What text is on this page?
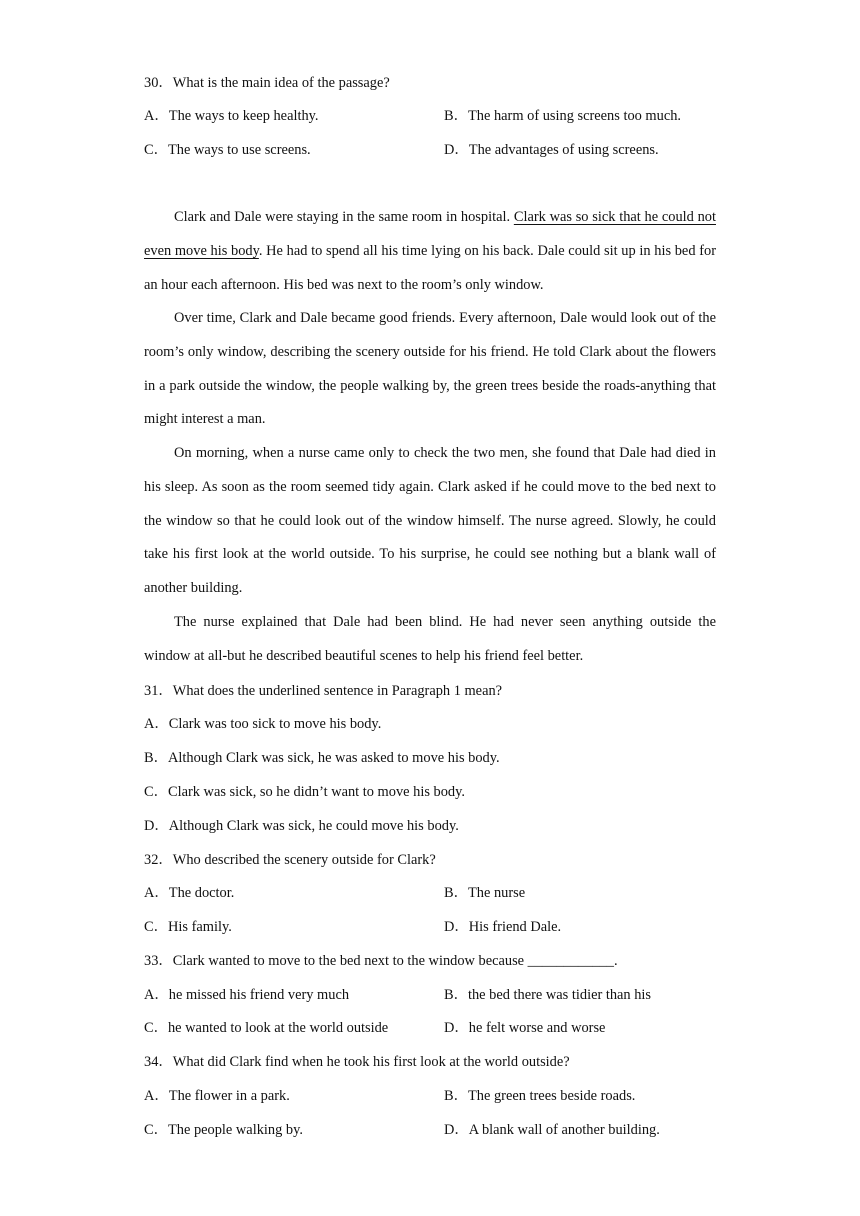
30．What is the main idea of the passage?
A．The ways to keep healthy.	B．The harm of using screens too much.
C．The ways to use screens.	D．The advantages of using screens.
Clark and Dale were staying in the same room in hospital. Clark was so sick that he could not even move his body. He had to spend all his time lying on his back. Dale could sit up in his bed for an hour each afternoon. His bed was next to the room’s only window.
Over time, Clark and Dale became good friends. Every afternoon, Dale would look out of the room’s only window, describing the scenery outside for his friend. He told Clark about the flowers in a park outside the window, the people walking by, the green trees beside the roads-anything that might interest a man.
On morning, when a nurse came only to check the two men, she found that Dale had died in his sleep. As soon as the room seemed tidy again. Clark asked if he could move to the bed next to the window so that he could look out of the window himself. The nurse agreed. Slowly, he could take his first look at the world outside. To his surprise, he could see nothing but a blank wall of another building.
The nurse explained that Dale had been blind. He had never seen anything outside the window at all-but he described beautiful scenes to help his friend feel better.
31．What does the underlined sentence in Paragraph 1 mean?
A．Clark was too sick to move his body.
B．Although Clark was sick, he was asked to move his body.
C．Clark was sick, so he didn’t want to move his body.
D．Although Clark was sick, he could move his body.
32．Who described the scenery outside for Clark?
A．The doctor.	B．The nurse
C．His family.	D．His friend Dale.
33．Clark wanted to move to the bed next to the window because ____________.
A．he missed his friend very much	B．the bed there was tidier than his
C．he wanted to look at the world outside	D．he felt worse and worse
34．What did Clark find when he took his first look at the world outside?
A．The flower in a park.	B．The green trees beside roads.
C．The people walking by.	D．A blank wall of another building.
